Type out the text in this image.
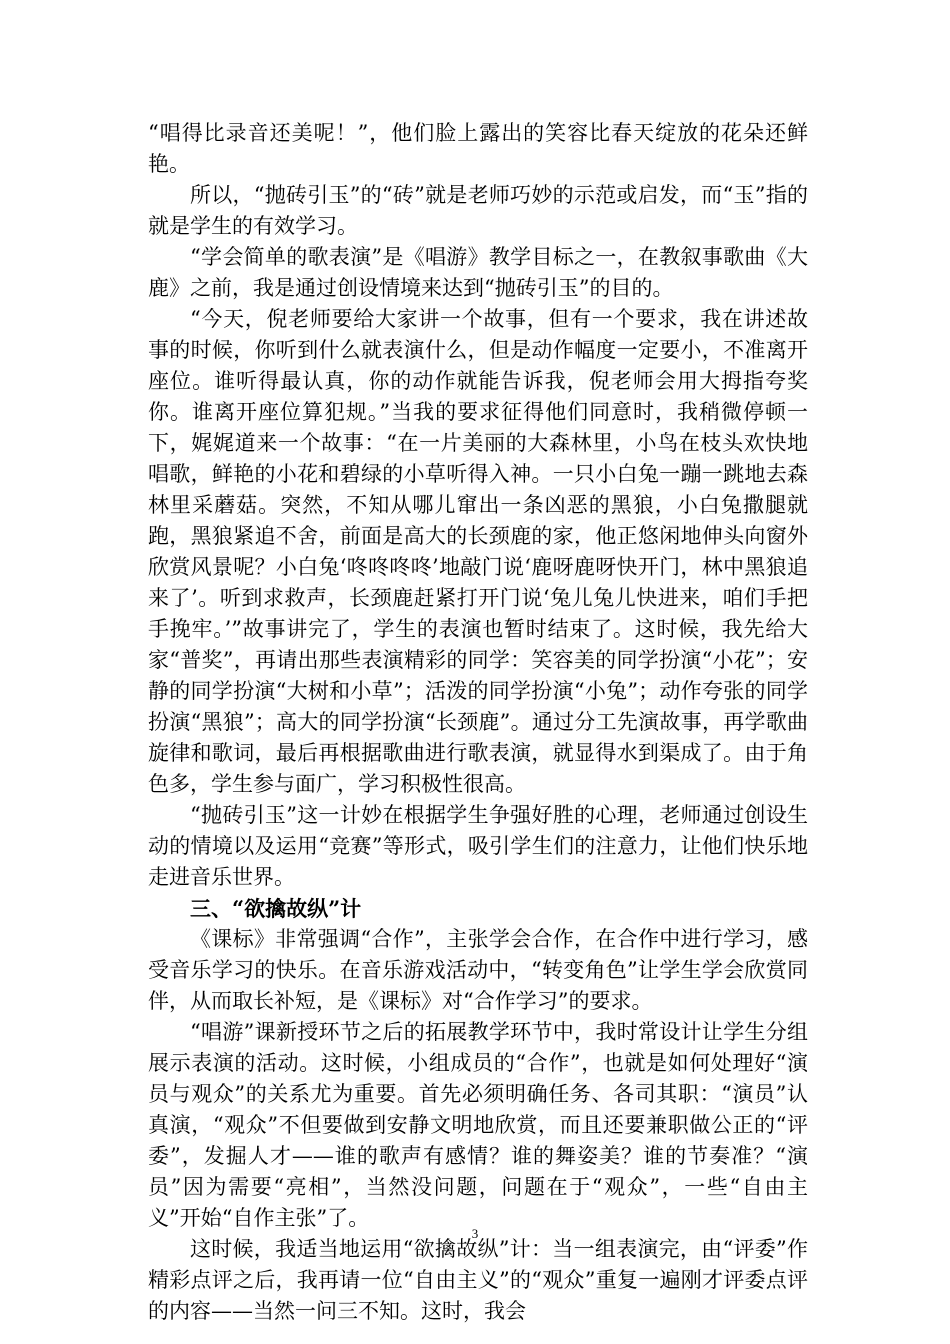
“唱得比录音还美呢！”，他们脸上露出的笑容比春天绽放的花朵还鲜艳。

所以，“抛砖引玉”的“砖”就是老师巧妙的示范或启发，而“玉”指的就是学生的有效学习。

“学会简单的歌表演”是《唱游》教学目标之一，在教叙事歌曲《大鹿》之前，我是通过创设情境来达到“抛砖引玉”的目的。

“今天，倪老师要给大家讲一个故事，但有一个要求，我在讲述故事的时候，你听到什么就表演什么，但是动作幅度一定要小，不准离开座位。谁听得最认真，你的动作就能告诉我，倪老师会用大拇指夸奖你。谁离开座位算犯规。”当我的要求征得他们同意时，我稍微停顿一下，娓娓道来一个故事：“在一片美丽的大森林里，小鸟在枝头欢快地唱歌，鲜艳的小花和碧绿的小草听得入神。一只小白兔一蹦一跳地去森林里采蘑菇。突然，不知从哪儿窜出一条凶恶的黑狼，小白兔撒腿就跑，黑狼紧追不舍，前面是高大的长颈鹿的家，他正悠闲地伸头向窗外欣赏风景呢？小白兔‘咚咚咚咚’地敲门说‘鹿呀鹿呀快开门，林中黑狼追来了’。听到求救声，长颈鹿赶紧打开门说‘兔儿兔儿快进来，咱们手把手挽牢。’”故事讲完了，学生的表演也暂时结束了。这时候，我先给大家“普奖”，再请出那些表演精彩的同学：笑容美的同学扮演“小花”；安静的同学扮演“大树和小草”；活泼的同学扮演“小兔”；动作夸张的同学扮演“黑狼”；高大的同学扮演“长颈鹿”。通过分工先演故事，再学歌曲旋律和歌词，最后再根据歌曲进行歌表演，就显得水到渠成了。由于角色多，学生参与面广，学习积极性很高。

“抛砖引玉”这一计妙在根据学生争强好胜的心理，老师通过创设生动的情境以及运用“竞赛”等形式，吸引学生们的注意力，让他们快乐地走进音乐世界。

三、“欲擒故纵”计

《课标》非常强调“合作”，主张学会合作，在合作中进行学习，感受音乐学习的快乐。在音乐游戏活动中，“转变角色”让学生学会欣赏同伴，从而取长补短，是《课标》对“合作学习”的要求。

“唱游”课新授环节之后的拓展教学环节中，我时常设计让学生分组展示表演的活动。这时候，小组成员的“合作”，也就是如何处理好“演员与观众”的关系尤为重要。首先必须明确任务、各司其职：“演员”认真演，“观众”不但要做到安静文明地欣赏，而且还要兼职做公正的“评委”，发掘人才——谁的歌声有感情？谁的舞姿美？谁的节奏准？“演员”因为需要“亮相”，当然没问题，问题在于“观众”，一些“自由主义”开始“自作主张”了。

这时候，我适当地运用“欲擒故纵”计：当一组表演完，由“评委”作精彩点评之后，我再请一位“自由主义”的“观众”重复一遍刚才评委点评的内容——当然一问三不知。这时，我会

3
